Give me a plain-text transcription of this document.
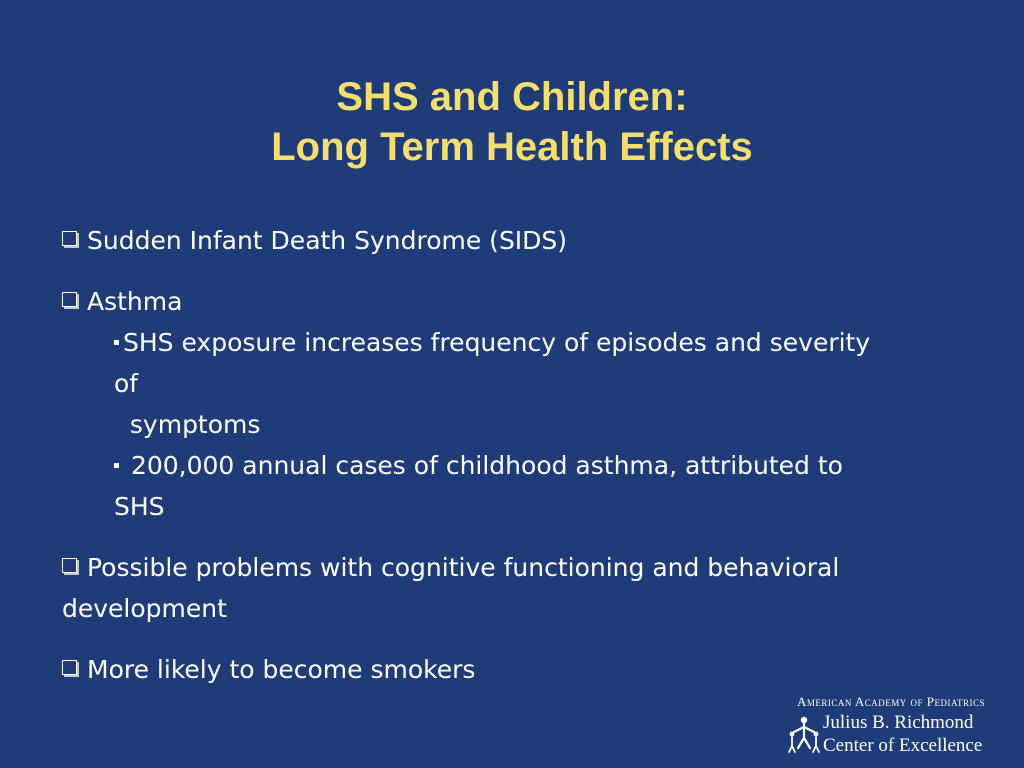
SHS and Children:
Long Term Health Effects
Sudden Infant Death Syndrome (SIDS)
Asthma
SHS exposure increases frequency of episodes and severity
of
symptoms
200,000 annual cases of childhood asthma, attributed to
SHS
Possible problems with cognitive functioning and behavioral development
More likely to become smokers
American Academy of Pediatrics
Julius B. Richmond
Center of Excellence
